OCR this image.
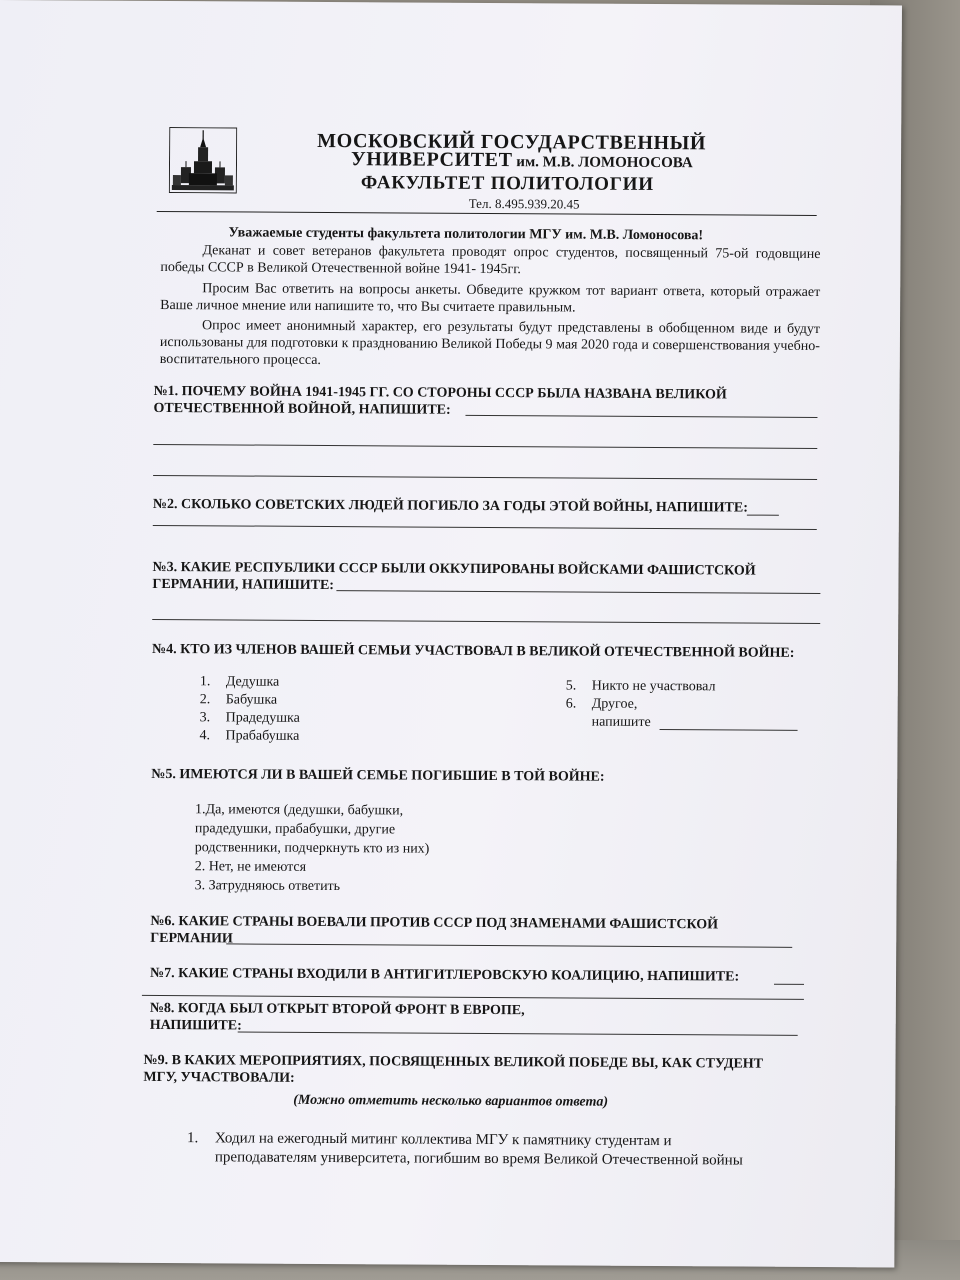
МОСКОВСКИЙ ГОСУДАРСТВЕННЫЙ
УНИВЕРСИТЕТ им. М.В. ЛОМОНОСОВА
ФАКУЛЬТЕТ ПОЛИТОЛОГИИ
Тел. 8.495.939.20.45
Уважаемые студенты факультета политологии МГУ им. М.В. Ломоносова!
Деканат и совет ветеранов факультета проводят опрос студентов, посвященный 75-ой годовщине победы СССР в Великой Отечественной войне 1941- 1945гг.
Просим Вас ответить на вопросы анкеты. Обведите кружком тот вариант ответа, который отражает Ваше личное мнение или напишите то, что Вы считаете правильным.
Опрос имеет анонимный характер, его результаты будут представлены в обобщенном виде и будут использованы для подготовки к празднованию Великой Победы 9 мая 2020 года и совершенствования учебно-воспитательного процесса.
№1. ПОЧЕМУ ВОЙНА 1941-1945 ГГ. СО СТОРОНЫ СССР БЫЛА НАЗВАНА ВЕЛИКОЙ
ОТЕЧЕСТВЕННОЙ ВОЙНОЙ, НАПИШИТЕ:
№2. СКОЛЬКО СОВЕТСКИХ ЛЮДЕЙ ПОГИБЛО ЗА ГОДЫ ЭТОЙ ВОЙНЫ, НАПИШИТЕ:
№3. КАКИЕ РЕСПУБЛИКИ СССР БЫЛИ ОККУПИРОВАНЫ ВОЙСКАМИ ФАШИСТСКОЙ
ГЕРМАНИИ, НАПИШИТЕ:
№4. КТО ИЗ ЧЛЕНОВ ВАШЕЙ СЕМЬИ УЧАСТВОВАЛ В ВЕЛИКОЙ ОТЕЧЕСТВЕННОЙ ВОЙНЕ:
1. Дедушка
2. Бабушка
3. Прадедушка
4. Прабабушка
5. Никто не участвовал
6. Другое,
напишите
№5. ИМЕЮТСЯ ЛИ В ВАШЕЙ СЕМЬЕ ПОГИБШИЕ В ТОЙ ВОЙНЕ:
1.Да, имеются (дедушки, бабушки,
прадедушки, прабабушки, другие
родственники, подчеркнуть кто из них)
2. Нет, не имеются
3. Затрудняюсь ответить
№6. КАКИЕ СТРАНЫ ВОЕВАЛИ ПРОТИВ СССР ПОД ЗНАМЕНАМИ ФАШИСТСКОЙ
ГЕРМАНИИ
№7. КАКИЕ СТРАНЫ ВХОДИЛИ В АНТИГИТЛЕРОВСКУЮ КОАЛИЦИЮ, НАПИШИТЕ:
№8. КОГДА БЫЛ ОТКРЫТ ВТОРОЙ ФРОНТ В ЕВРОПЕ,
НАПИШИТЕ:
№9. В КАКИХ МЕРОПРИЯТИЯХ, ПОСВЯЩЕННЫХ ВЕЛИКОЙ ПОБЕДЕ ВЫ, КАК СТУДЕНТ
МГУ, УЧАСТВОВАЛИ:
(Можно отметить несколько вариантов ответа)
1. Ходил на ежегодный митинг коллектива МГУ к памятнику студентам и
преподавателям университета, погибшим во время Великой Отечественной войны
